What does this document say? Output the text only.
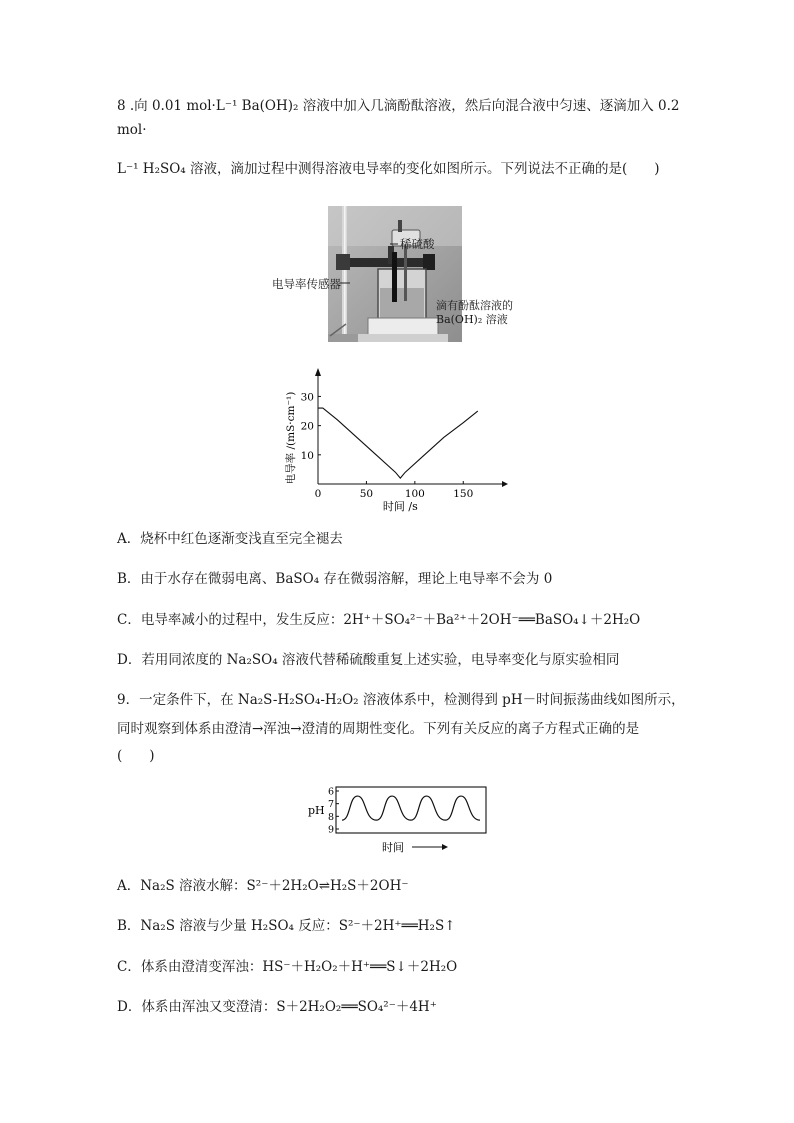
8 .向 0.01 mol·L⁻¹ Ba(OH)₂ 溶液中加入几滴酚酞溶液，然后向混合液中匀速、逐滴加入 0.2
mol·
L⁻¹ H₂SO₄ 溶液，滴加过程中测得溶液电导率的变化如图所示。下列说法不正确的是(　　)
稀硫酸
电导率传感器
滴有酚酞溶液的
Ba(OH)₂ 溶液
0	50	100	150
10
20
30
时间 /s
电导率 /(mS·cm⁻¹)
A．烧杯中红色逐渐变浅直至完全褪去
B．由于水存在微弱电离、BaSO₄ 存在微弱溶解，理论上电导率不会为 0
C．电导率减小的过程中，发生反应：2H⁺＋SO₄²⁻＋Ba²⁺＋2OH⁻══BaSO₄↓＋2H₂O
D．若用同浓度的 Na₂SO₄ 溶液代替稀硫酸重复上述实验，电导率变化与原实验相同
9．一定条件下，在 Na₂S-H₂SO₄-H₂O₂ 溶液体系中，检测得到 pH－时间振荡曲线如图所示，
同时观察到体系由澄清→浑浊→澄清的周期性变化。下列有关反应的离子方程式正确的是
(　　)
6
7
8
9
pH
时间
A．Na₂S 溶液水解：S²⁻＋2H₂O⇌H₂S＋2OH⁻
B．Na₂S 溶液与少量 H₂SO₄ 反应：S²⁻＋2H⁺══H₂S↑
C．体系由澄清变浑浊：HS⁻＋H₂O₂＋H⁺══S↓＋2H₂O
D．体系由浑浊又变澄清：S＋2H₂O₂══SO₄²⁻＋4H⁺
